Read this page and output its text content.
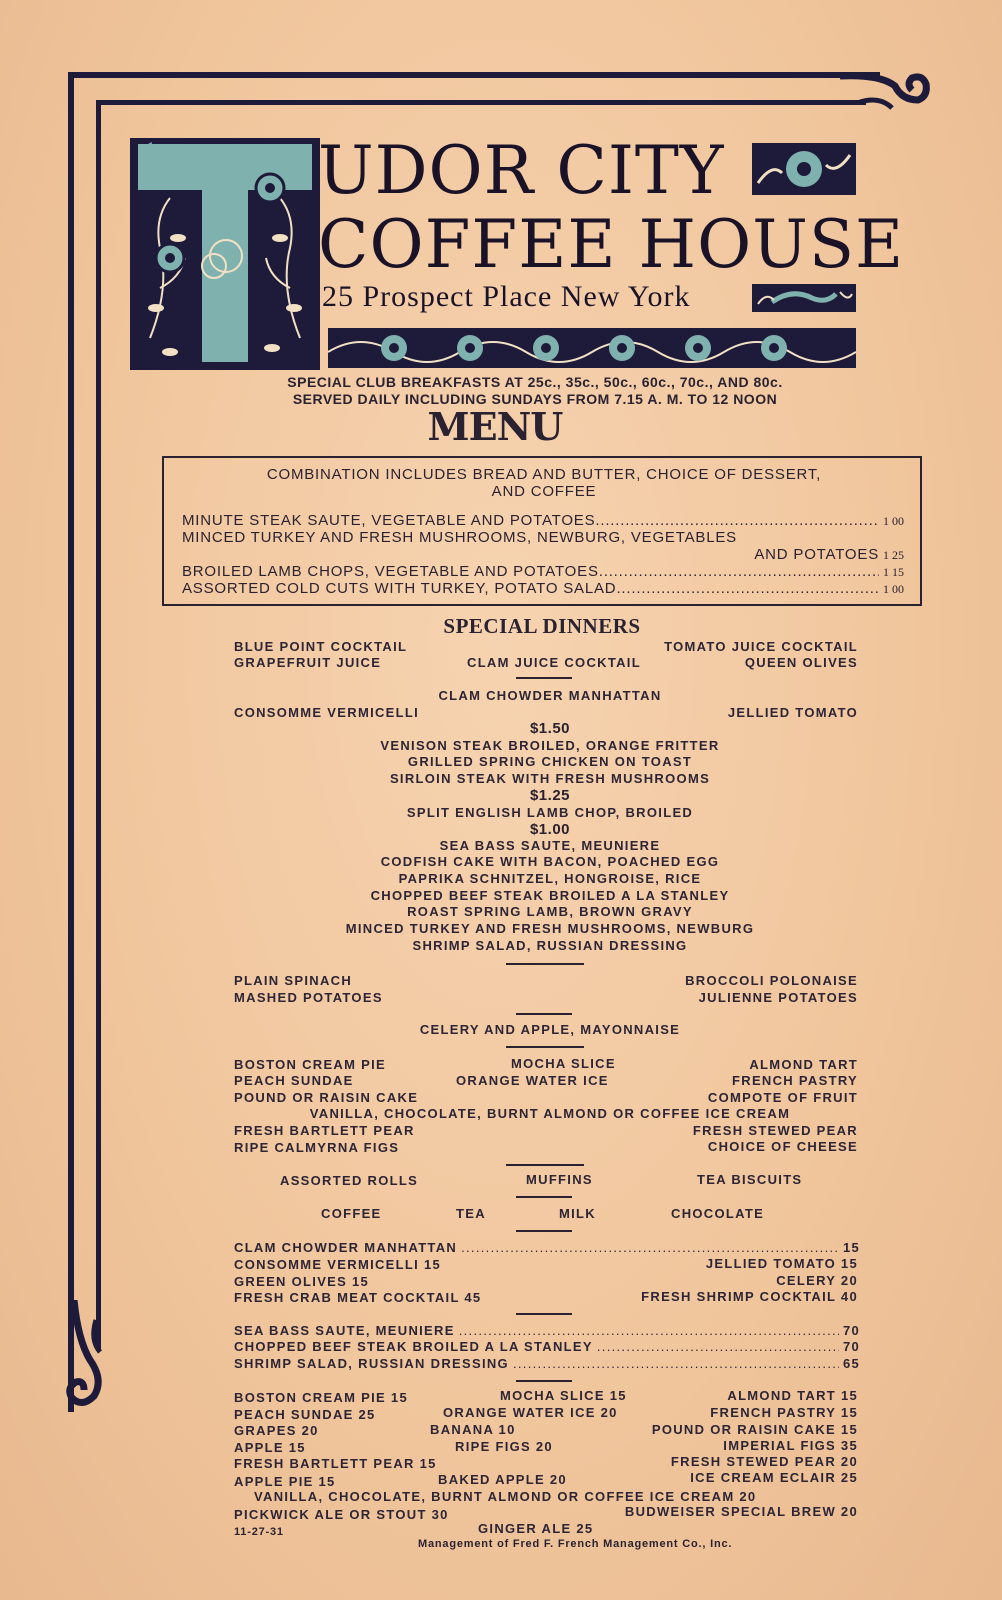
UDOR CITY
COFFEE HOUSE
25 Prospect Place New York
SPECIAL CLUB BREAKFASTS AT 25c., 35c., 50c., 60c., 70c., AND 80c.
SERVED DAILY INCLUDING SUNDAYS FROM 7.15 A. M. TO 12 NOON
MENU
COMBINATION INCLUDES BREAD AND BUTTER, CHOICE OF DESSERT,
AND COFFEE
MINUTE STEAK SAUTE, VEGETABLE AND POTATOES .....	1 00
MINCED TURKEY AND FRESH MUSHROOMS, NEWBURG, VEGETABLES
AND POTATOES 1 25
BROILED LAMB CHOPS, VEGETABLE AND POTATOES .....	1 15
ASSORTED COLD CUTS WITH TURKEY, POTATO SALAD .....	1 00
SPECIAL DINNERS
BLUE POINT COCKTAIL	TOMATO JUICE COCKTAIL
GRAPEFRUIT JUICE	CLAM JUICE COCKTAIL	QUEEN OLIVES
CLAM CHOWDER MANHATTAN
CONSOMME VERMICELLI	JELLIED TOMATO
$1.50
VENISON STEAK BROILED, ORANGE FRITTER
GRILLED SPRING CHICKEN ON TOAST
SIRLOIN STEAK WITH FRESH MUSHROOMS
$1.25
SPLIT ENGLISH LAMB CHOP, BROILED
$1.00
SEA BASS SAUTE, MEUNIERE
CODFISH CAKE WITH BACON, POACHED EGG
PAPRIKA SCHNITZEL, HONGROISE, RICE
CHOPPED BEEF STEAK BROILED A LA STANLEY
ROAST SPRING LAMB, BROWN GRAVY
MINCED TURKEY AND FRESH MUSHROOMS, NEWBURG
SHRIMP SALAD, RUSSIAN DRESSING
PLAIN SPINACH	BROCCOLI POLONAISE
MASHED POTATOES	JULIENNE POTATOES
CELERY AND APPLE, MAYONNAISE
BOSTON CREAM PIE	MOCHA SLICE	ALMOND TART
PEACH SUNDAE	ORANGE WATER ICE	FRENCH PASTRY
POUND OR RAISIN CAKE	COMPOTE OF FRUIT
VANILLA, CHOCOLATE, BURNT ALMOND OR COFFEE ICE CREAM
FRESH BARTLETT PEAR	FRESH STEWED PEAR
RIPE CALMYRNA FIGS	CHOICE OF CHEESE
ASSORTED ROLLS	MUFFINS	TEA BISCUITS
COFFEE	TEA	MILK	CHOCOLATE
CLAM CHOWDER MANHATTAN .....	15
CONSOMME VERMICELLI 15	JELLIED TOMATO 15
GREEN OLIVES 15	CELERY 20
FRESH CRAB MEAT COCKTAIL 45	FRESH SHRIMP COCKTAIL 40
SEA BASS SAUTE, MEUNIERE .....	70
CHOPPED BEEF STEAK BROILED A LA STANLEY .....	70
SHRIMP SALAD, RUSSIAN DRESSING .....	65
BOSTON CREAM PIE 15	MOCHA SLICE 15	ALMOND TART 15
PEACH SUNDAE 25	ORANGE WATER ICE 20	FRENCH PASTRY 15
GRAPES 20	BANANA 10	POUND OR RAISIN CAKE 15
APPLE 15	RIPE FIGS 20	IMPERIAL FIGS 35
FRESH BARTLETT PEAR 15	FRESH STEWED PEAR 20
APPLE PIE 15	BAKED APPLE 20	ICE CREAM ECLAIR 25
VANILLA, CHOCOLATE, BURNT ALMOND OR COFFEE ICE CREAM 20
PICKWICK ALE OR STOUT 30	BUDWEISER SPECIAL BREW 20
GINGER ALE 25
11-27-31
Management of Fred F. French Management Co., Inc.
